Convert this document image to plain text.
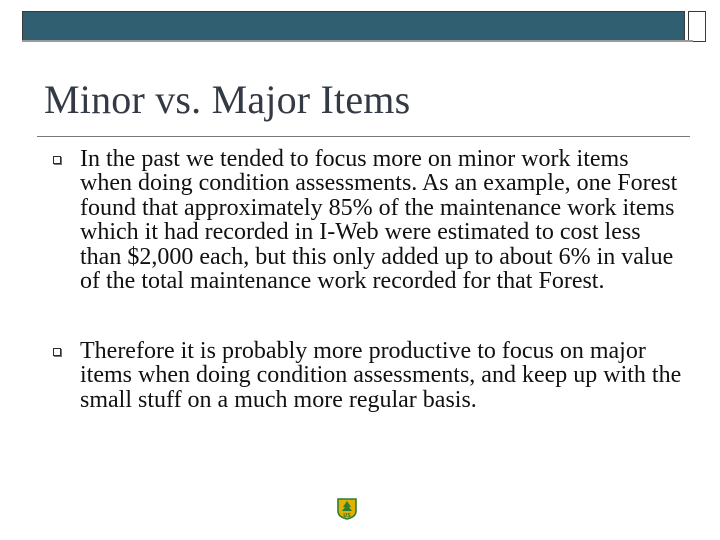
Minor vs. Major Items
In the past we tended to focus more on minor work items when doing condition assessments. As an example, one Forest found that approximately 85% of the maintenance work items which it had recorded in I-Web were estimated to cost less than $2,000 each, but this only added up to about 6% in value of the total maintenance work recorded for that Forest.
Therefore it is probably more productive to focus on major items when doing condition assessments, and keep up with the small stuff on a much more regular basis.
US
